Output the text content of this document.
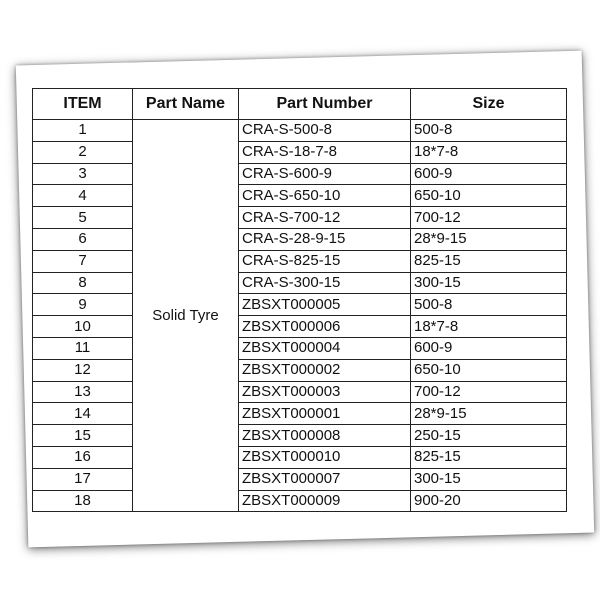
ITEM	Part Name	Part Number	Size
1	Solid Tyre	CRA-S-500-8	500-8
2		CRA-S-18-7-8	18*7-8
3		CRA-S-600-9	600-9
4		CRA-S-650-10	650-10
5		CRA-S-700-12	700-12
6		CRA-S-28-9-15	28*9-15
7		CRA-S-825-15	825-15
8		CRA-S-300-15	300-15
9		ZBSXT000005	500-8
10		ZBSXT000006	18*7-8
11		ZBSXT000004	600-9
12		ZBSXT000002	650-10
13		ZBSXT000003	700-12
14		ZBSXT000001	28*9-15
15		ZBSXT000008	250-15
16		ZBSXT000010	825-15
17		ZBSXT000007	300-15
18		ZBSXT000009	900-20
